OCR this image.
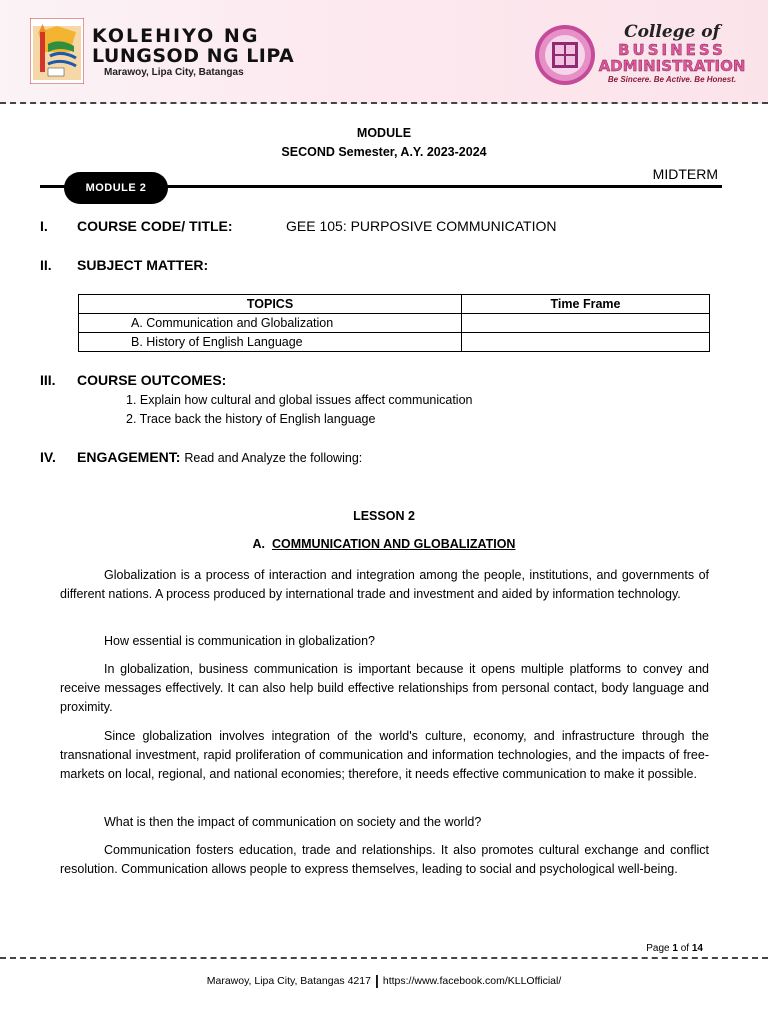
KOLEHIYO NG
LUNGSOD NG LIPA
Marawoy, Lipa City, Batangas
College of
BUSINESS
ADMINISTRATION
Be Sincere. Be Active. Be Honest.
MODULE
SECOND Semester, A.Y. 2023-2024
MIDTERM
MODULE 2
I. COURSE CODE/ TITLE:	GEE 105: PURPOSIVE COMMUNICATION
II. SUBJECT MATTER:
TOPICS	Time Frame
A. Communication and Globalization	
B. History of English Language	
III. COURSE OUTCOMES:
1. Explain how cultural and global issues affect communication
2. Trace back the history of English language
IV. ENGAGEMENT: Read and Analyze the following:
LESSON 2
A. COMMUNICATION AND GLOBALIZATION

Globalization is a process of interaction and integration among the people, institutions, and governments of different nations. A process produced by international trade and investment and aided by information technology.

How essential is communication in globalization?

In globalization, business communication is important because it opens multiple platforms to convey and receive messages effectively. It can also help build effective relationships from personal contact, body language and proximity.

Since globalization involves integration of the world's culture, economy, and infrastructure through the transnational investment, rapid proliferation of communication and information technologies, and the impacts of free-markets on local, regional, and national economies; therefore, it needs effective communication to make it possible.

What is then the impact of communication on society and the world?

Communication fosters education, trade and relationships. It also promotes cultural exchange and conflict resolution. Communication allows people to express themselves, leading to social and psychological well-being.

Page 1 of 14
Marawoy, Lipa City, Batangas 4217 | https://www.facebook.com/KLLOfficial/
